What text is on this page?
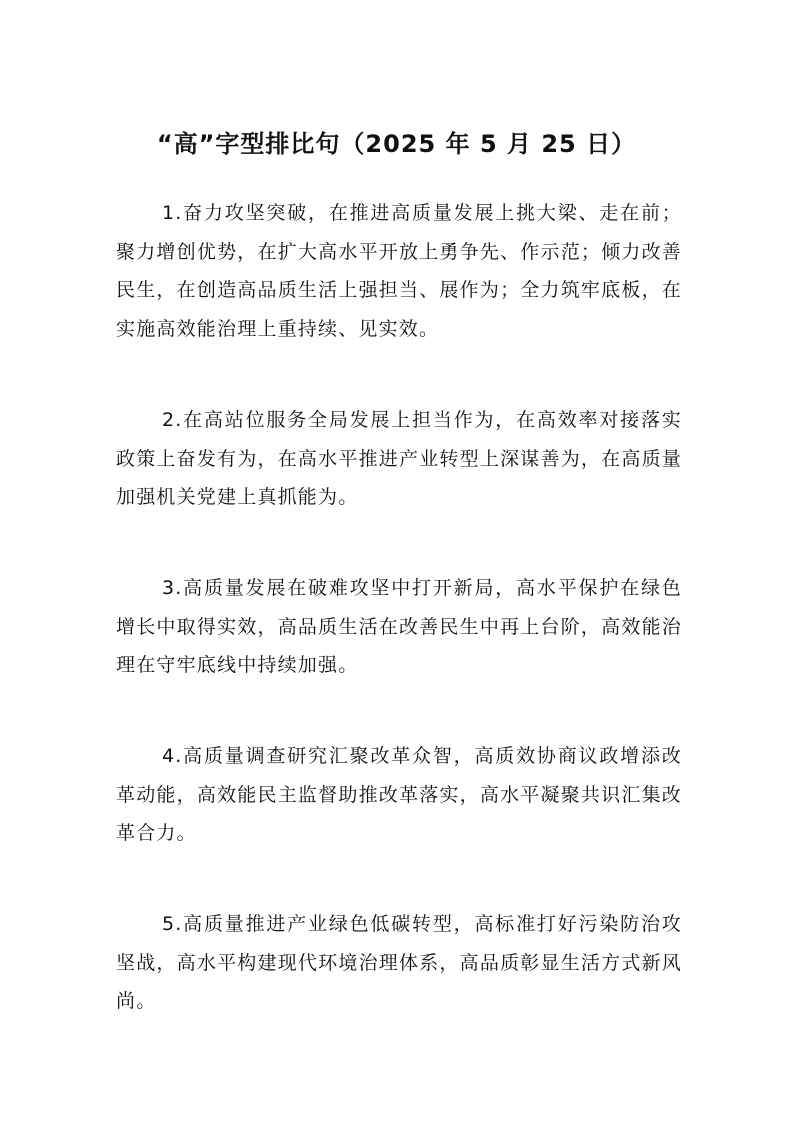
“高”字型排比句（2025 年 5 月 25 日）

1.奋力攻坚突破，在推进高质量发展上挑大梁、走在前；聚力增创优势，在扩大高水平开放上勇争先、作示范；倾力改善民生，在创造高品质生活上强担当、展作为；全力筑牢底板，在实施高效能治理上重持续、见实效。

2.在高站位服务全局发展上担当作为，在高效率对接落实政策上奋发有为，在高水平推进产业转型上深谋善为，在高质量加强机关党建上真抓能为。

3.高质量发展在破难攻坚中打开新局，高水平保护在绿色增长中取得实效，高品质生活在改善民生中再上台阶，高效能治理在守牢底线中持续加强。

4.高质量调查研究汇聚改革众智，高质效协商议政增添改革动能，高效能民主监督助推改革落实，高水平凝聚共识汇集改革合力。

5.高质量推进产业绿色低碳转型，高标准打好污染防治攻坚战，高水平构建现代环境治理体系，高品质彰显生活方式新风尚。
